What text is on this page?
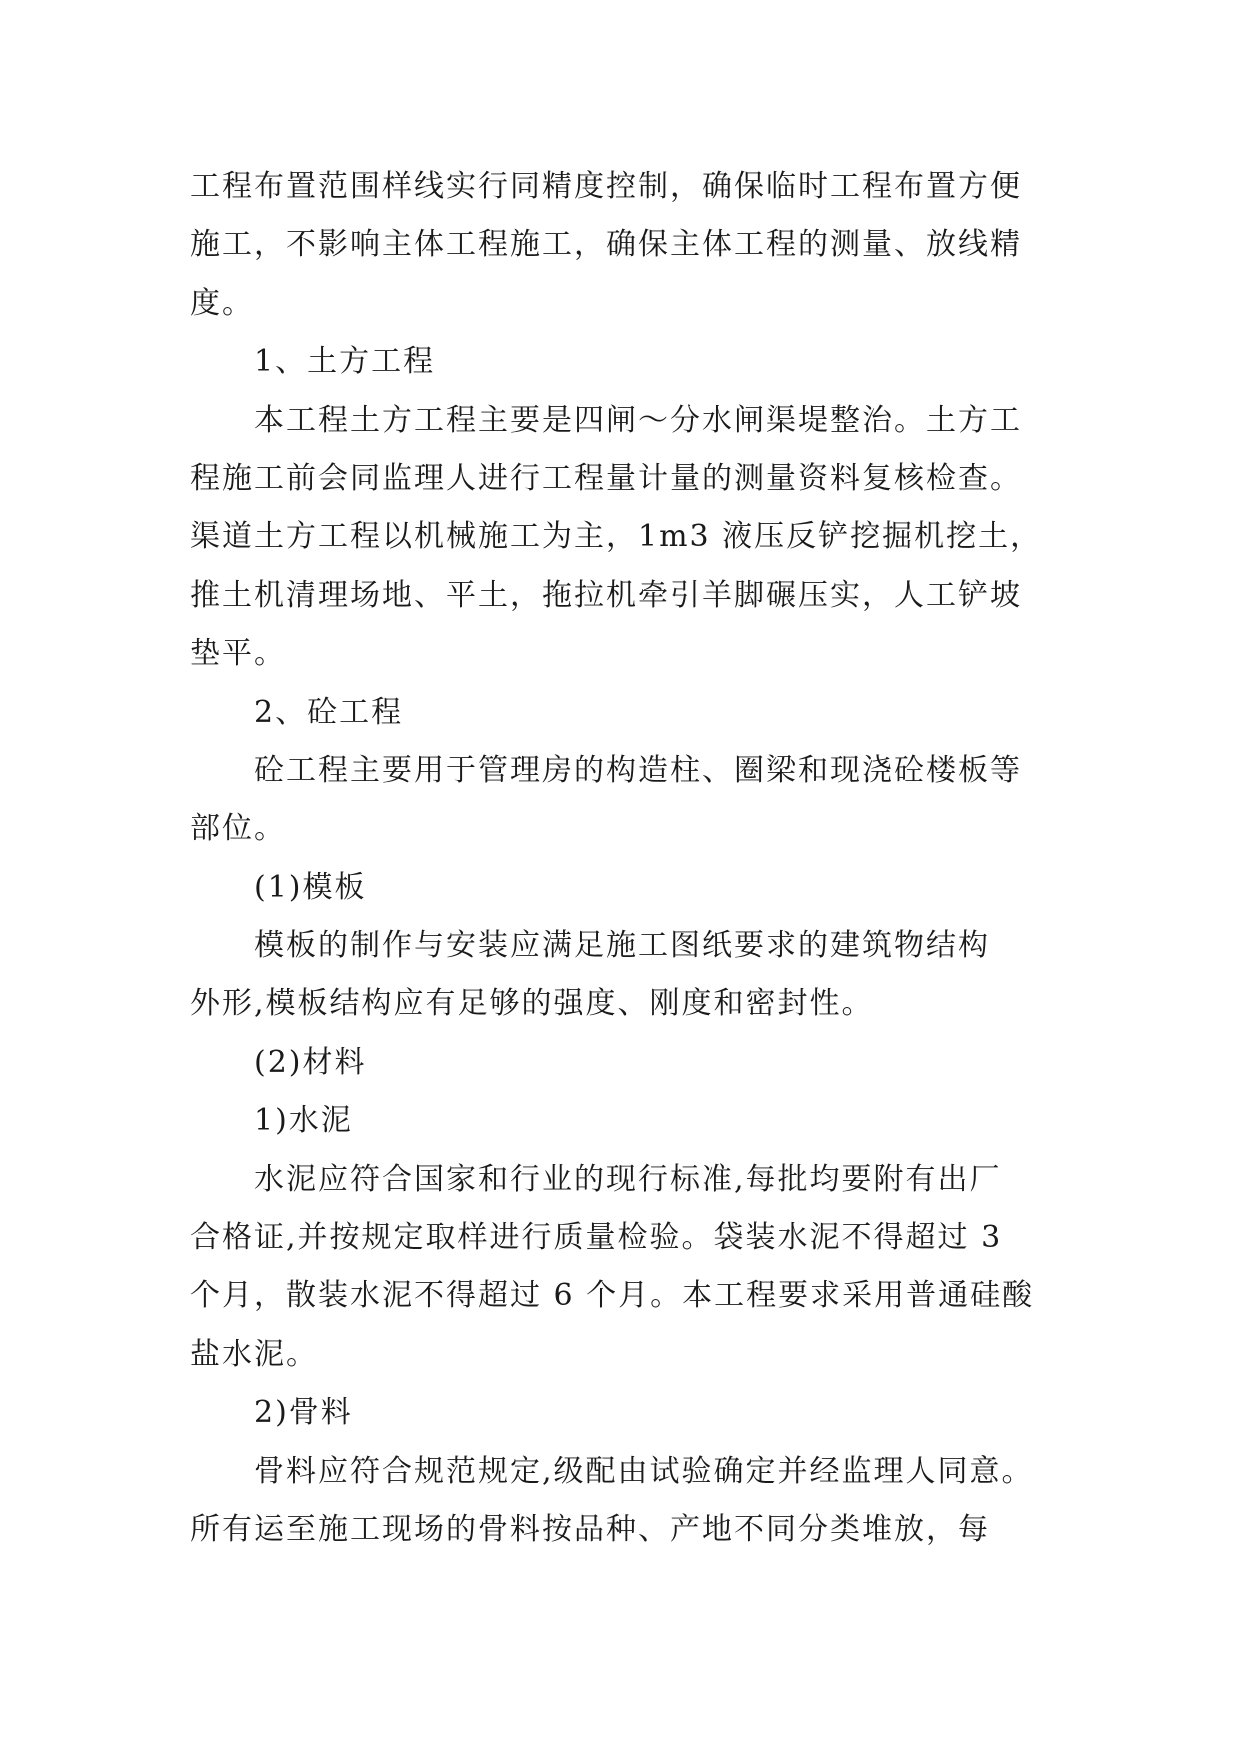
工程布置范围样线实行同精度控制，确保临时工程布置方便
施工，不影响主体工程施工，确保主体工程的测量、放线精
度。
1、土方工程
本工程土方工程主要是四闸～分水闸渠堤整治。土方工
程施工前会同监理人进行工程量计量的测量资料复核检查。
渠道土方工程以机械施工为主，1m3 液压反铲挖掘机挖土，
推土机清理场地、平土，拖拉机牵引羊脚碾压实，人工铲坡
垫平。
2、砼工程
砼工程主要用于管理房的构造柱、圈梁和现浇砼楼板等
部位。
(1)模板
模板的制作与安装应满足施工图纸要求的建筑物结构
外形,模板结构应有足够的强度、刚度和密封性。
(2)材料
1)水泥
水泥应符合国家和行业的现行标准,每批均要附有出厂
合格证,并按规定取样进行质量检验。袋装水泥不得超过 3
个月，散装水泥不得超过 6 个月。本工程要求采用普通硅酸
盐水泥。
2)骨料
骨料应符合规范规定,级配由试验确定并经监理人同意。
所有运至施工现场的骨料按品种、产地不同分类堆放，每
